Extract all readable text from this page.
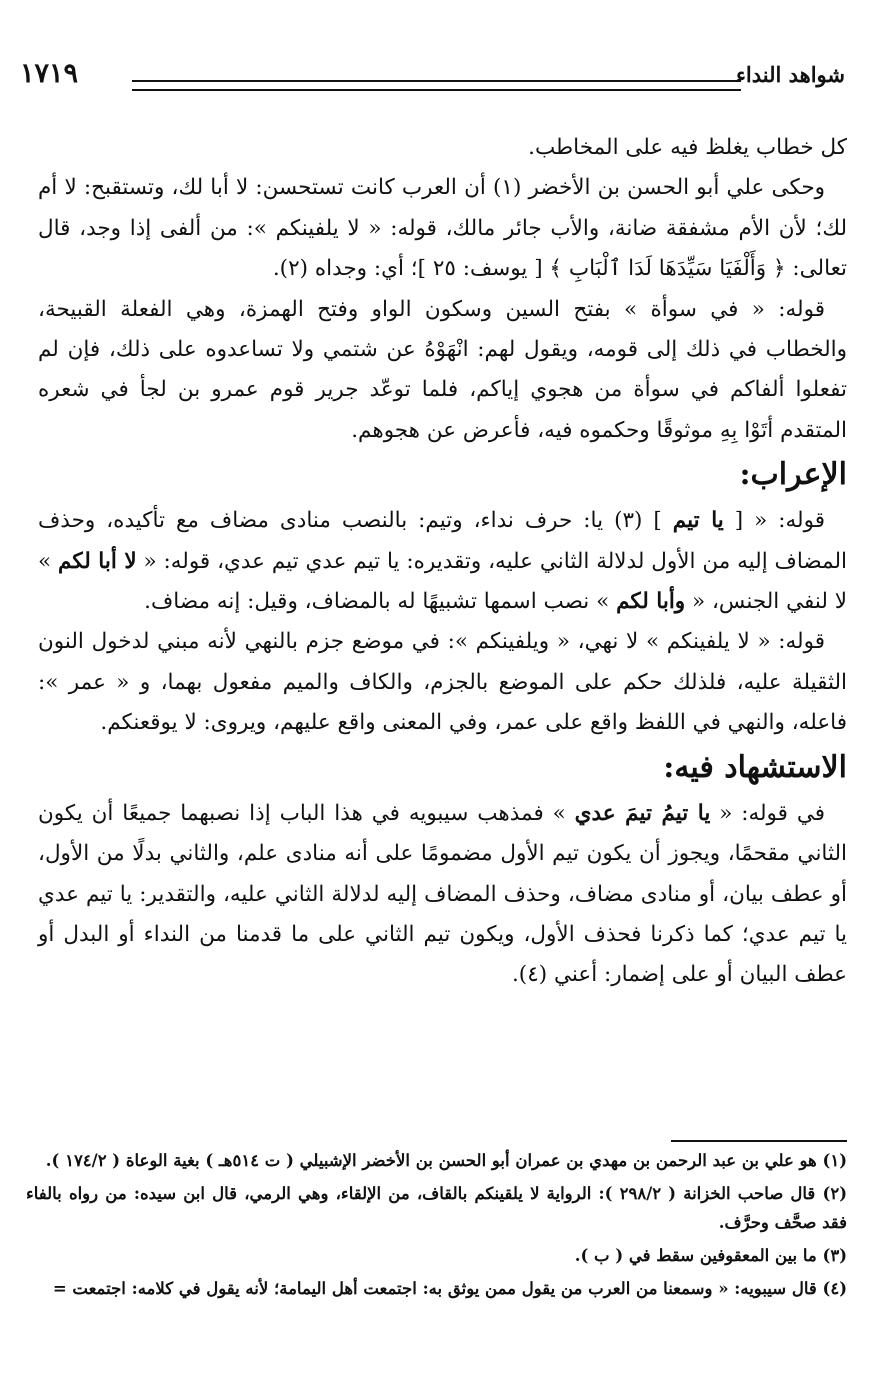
١٧١٩	شواهد النداء

كل خطاب يغلظ فيه على المخاطب.

وحكى علي أبو الحسن بن الأخضر (١) أن العرب كانت تستحسن: لا أبا لك، وتستقبح: لا أم لك؛ لأن الأم مشفقة ضانة، والأب جائر مالك، قوله: « لا يلفينكم »: من ألفى إذا وجد، قال تعالى: ﴿ وَأَلْفَيَا سَيِّدَهَا لَدَا ٱلْبَابِ ﴾ [ يوسف: ٢٥ ]؛ أي: وجداه (٢).

قوله: « في سوأة » بفتح السين وسكون الواو وفتح الهمزة، وهي الفعلة القبيحة، والخطاب في ذلك إلى قومه، ويقول لهم: انْهَوْهُ عن شتمي ولا تساعدوه على ذلك، فإن لم تفعلوا ألفاكم في سوأة من هجوي إياكم، فلما توعّد جرير قوم عمرو بن لجأ في شعره المتقدم أتَوْا بِهِ موثوقًا وحكموه فيه، فأعرض عن هجوهم.

الإعراب:

قوله: « [ يا تيم ] (٣) يا: حرف نداء، وتيم: بالنصب منادى مضاف مع تأكيده، وحذف المضاف إليه من الأول لدلالة الثاني عليه، وتقديره: يا تيم عدي تيم عدي، قوله: « لا أبا لكم » لا لنفي الجنس، « وأبا لكم » نصب اسمها تشبيهًا له بالمضاف، وقيل: إنه مضاف.

قوله: « لا يلفينكم » لا نهي، « ويلفينكم »: في موضع جزم بالنهي لأنه مبني لدخول النون الثقيلة عليه، فلذلك حكم على الموضع بالجزم، والكاف والميم مفعول بهما، و « عمر »: فاعله، والنهي في اللفظ واقع على عمر، وفي المعنى واقع عليهم، ويروى: لا يوقعنكم.

الاستشهاد فيه:

في قوله: « يا تيمُ تيمَ عدي » فمذهب سيبويه في هذا الباب إذا نصبهما جميعًا أن يكون الثاني مقحمًا، ويجوز أن يكون تيم الأول مضمومًا على أنه منادى علم، والثاني بدلًا من الأول، أو عطف بيان، أو منادى مضاف، وحذف المضاف إليه لدلالة الثاني عليه، والتقدير: يا تيم عدي يا تيم عدي؛ كما ذكرنا فحذف الأول، ويكون تيم الثاني على ما قدمنا من النداء أو البدل أو عطف البيان أو على إضمار: أعني (٤).

(١) هو علي بن عبد الرحمن بن مهدي بن عمران أبو الحسن بن الأخضر الإشبيلي ( ت ٥١٤هـ ) بغية الوعاة ( ١٧٤/٢ ).

(٢) قال صاحب الخزانة ( ٢٩٨/٢ ): الرواية لا يلقينكم بالقاف، من الإلقاء، وهي الرمي، قال ابن سيده: من رواه بالفاء فقد صحَّف وحرَّف.

(٣) ما بين المعقوفين سقط في ( ب ).

(٤) قال سيبويه: « وسمعنا من العرب من يقول ممن يوثق به: اجتمعت أهل اليمامة؛ لأنه يقول في كلامه: اجتمعت =
